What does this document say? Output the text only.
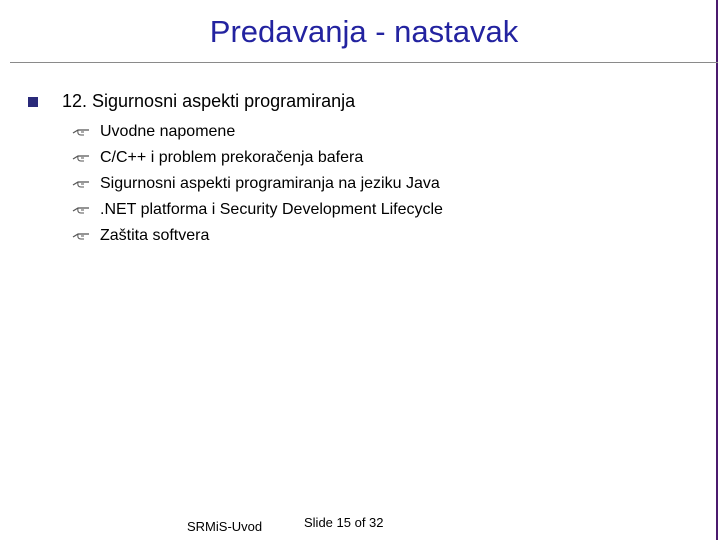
Predavanja - nastavak
12. Sigurnosni aspekti programiranja
Uvodne napomene
C/C++ i problem prekoračenja bafera
Sigurnosni aspekti programiranja na jeziku Java
.NET platforma i Security Development Lifecycle
Zaštita softvera
SRMiS-Uvod	Slide 15 of 32
